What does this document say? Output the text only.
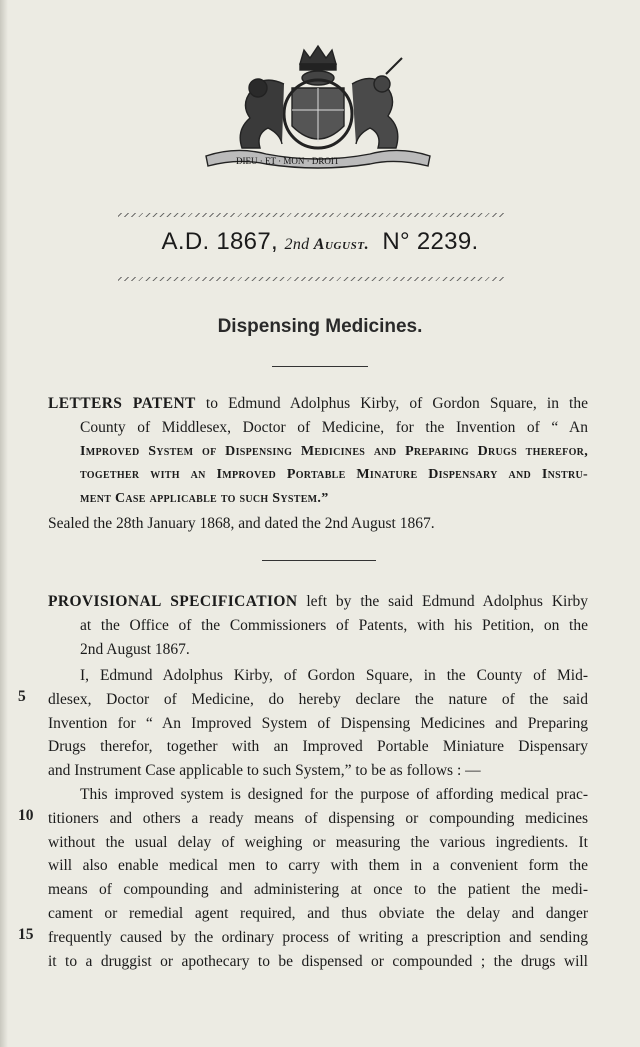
DIEU · ET · MON · DROIT
A.D. 1867, 2nd August. N° 2239.
Dispensing Medicines.
LETTERS PATENT to Edmund Adolphus Kirby, of Gordon Square, in the
County of Middlesex, Doctor of Medicine, for the Invention of “ An
Improved System of Dispensing Medicines and Preparing Drugs therefor,
together with an Improved Portable Minature Dispensary and Instru-
ment Case applicable to such System.”
Sealed the 28th January 1868, and dated the 2nd August 1867.
PROVISIONAL SPECIFICATION left by the said Edmund Adolphus Kirby
at the Office of the Commissioners of Patents, with his Petition, on the
2nd August 1867.
I, Edmund Adolphus Kirby, of Gordon Square, in the County of Mid-
dlesex, Doctor of Medicine, do hereby declare the nature of the said
Invention for “ An Improved System of Dispensing Medicines and Preparing
Drugs therefor, together with an Improved Portable Miniature Dispensary
and Instrument Case applicable to such System,” to be as follows : —
This improved system is designed for the purpose of affording medical prac-
titioners and others a ready means of dispensing or compounding medicines
without the usual delay of weighing or measuring the various ingredients. It
will also enable medical men to carry with them in a convenient form the
means of compounding and administering at once to the patient the medi-
cament or remedial agent required, and thus obviate the delay and danger
frequently caused by the ordinary process of writing a prescription and sending
it to a druggist or apothecary to be dispensed or compounded ; the drugs will
5
10
15
